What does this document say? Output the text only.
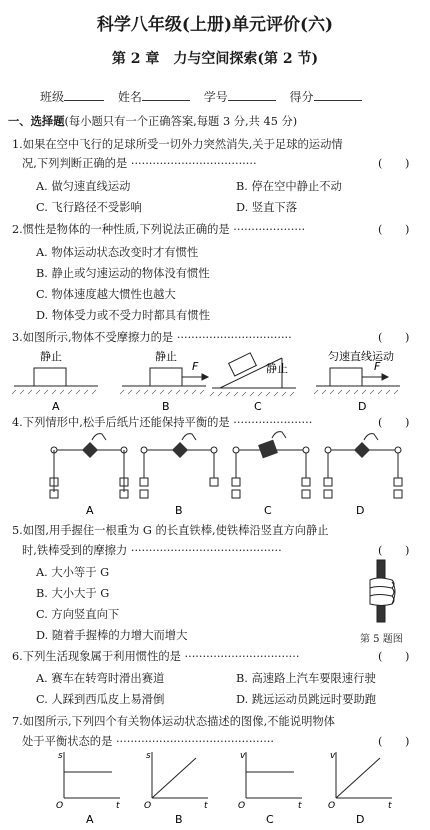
科学八年级(上册)单元评价(六)
第 2 章　力与空间探索(第 2 节)
班级	姓名	学号	得分
一、选择题(每小题只有一个正确答案,每题 3 分,共 45 分)
1.如果在空中飞行的足球所受一切外力突然消失,关于足球的运动情
况,下列判断正确的是 ···································	(　　)
A. 做匀速直线运动	B. 停在空中静止不动
C. 飞行路径不受影响	D. 竖直下落
2.惯性是物体的一种性质,下列说法正确的是 ····················	(　　)
A. 物体运动状态改变时才有惯性
B. 静止或匀速运动的物体没有惯性
C. 物体速度越大惯性也越大
D. 物体受力或不受力时都具有惯性
3.如图所示,物体不受摩擦力的是 ································	(　　)
静止	静止
F	静止
匀速直线运动
F
A	B	C	D
4.下列情形中,松手后纸片还能保持平衡的是 ······················	(　　)
A	B	C	D
5.如图,用手握住一根重为 G 的长直铁棒,使铁棒沿竖直方向静止
时,铁棒受到的摩擦力 ··········································	(　　)
A. 大小等于 G
B. 大小大于 G
C. 方向竖直向下
D. 随着手握棒的力增大而增大	第 5 题图
6.下列生活现象属于利用惯性的是 ································	(　　)
A. 赛车在转弯时滑出赛道	B. 高速路上汽车要限速行驶
C. 人踩到西瓜皮上易滑倒	D. 跳远运动员跳远时要助跑
7.如图所示,下列四个有关物体运动状态描述的图像,不能说明物体
处于平衡状态的是 ············································	(　　)
s	s	v	v
t	t	t	t
O	O	O	O
A	B	C	D
